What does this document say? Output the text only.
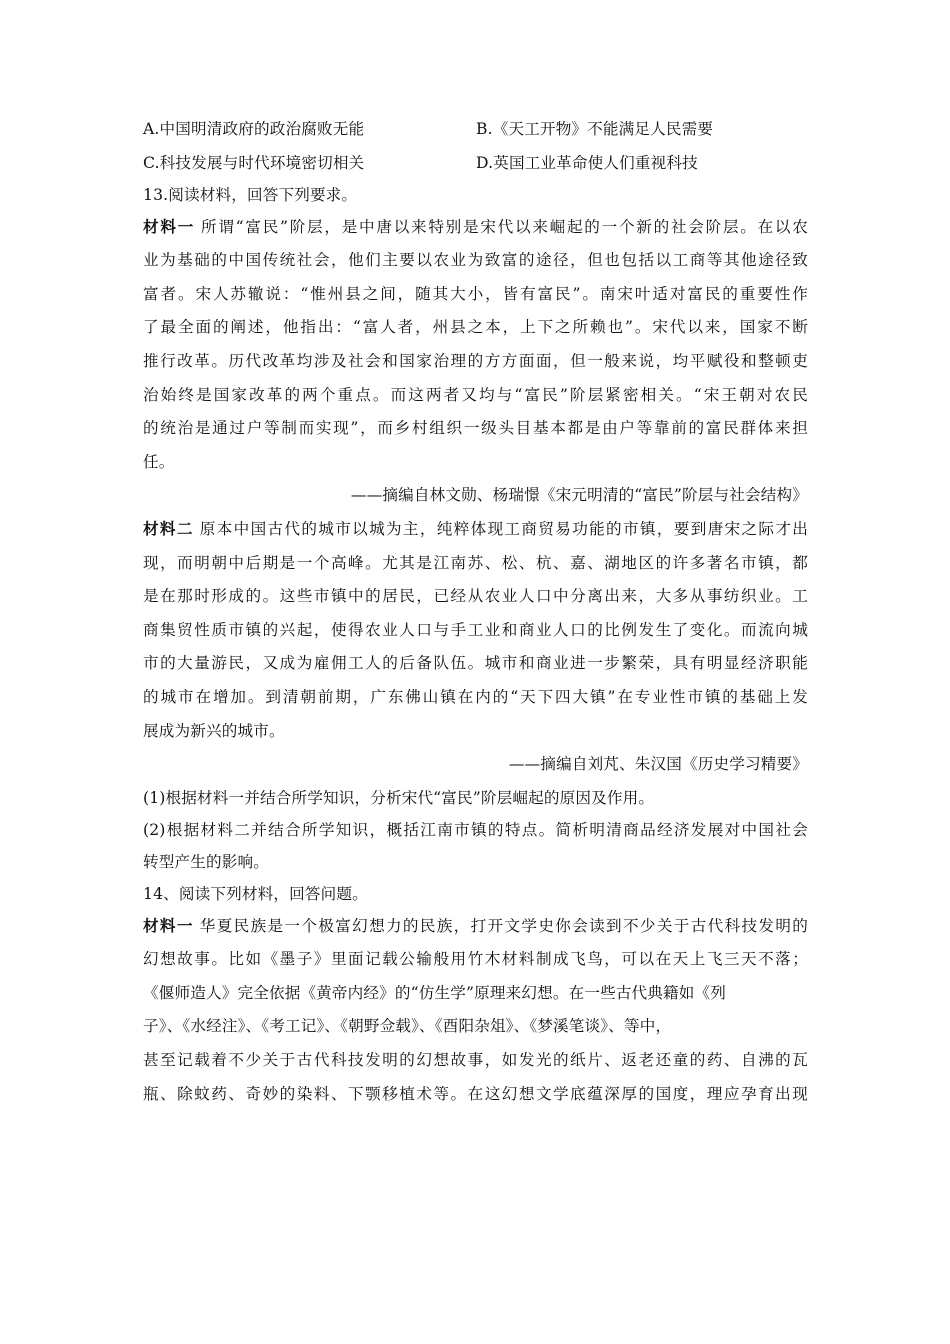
A.中国明清政府的政治腐败无能	B.《天工开物》不能满足人民需要
C.科技发展与时代环境密切相关	D.英国工业革命使人们重视科技
13.阅读材料，回答下列要求。
材料一 所谓“富民”阶层，是中唐以来特别是宋代以来崛起的一个新的社会阶层。在以农
业为基础的中国传统社会，他们主要以农业为致富的途径，但也包括以工商等其他途径致
富者。宋人苏辙说：“惟州县之间，随其大小，皆有富民”。南宋叶适对富民的重要性作
了最全面的阐述，他指出：“富人者，州县之本，上下之所赖也”。宋代以来，国家不断
推行改革。历代改革均涉及社会和国家治理的方方面面，但一般来说，均平赋役和整顿吏
治始终是国家改革的两个重点。而这两者又均与“富民”阶层紧密相关。“宋王朝对农民
的统治是通过户等制而实现”，而乡村组织一级头目基本都是由户等靠前的富民群体来担
任。
——摘编自林文勋、杨瑞憬《宋元明清的“富民”阶层与社会结构》
材料二 原本中国古代的城市以城为主，纯粹体现工商贸易功能的市镇，要到唐宋之际才出
现，而明朝中后期是一个高峰。尤其是江南苏、松、杭、嘉、湖地区的许多著名市镇，都
是在那时形成的。这些市镇中的居民，已经从农业人口中分离出来，大多从事纺织业。工
商集贸性质市镇的兴起，使得农业人口与手工业和商业人口的比例发生了变化。而流向城
市的大量游民，又成为雇佣工人的后备队伍。城市和商业进一步繁荣，具有明显经济职能
的城市在增加。到清朝前期，广东佛山镇在内的“天下四大镇”在专业性市镇的基础上发
展成为新兴的城市。
——摘编自刘芃、朱汉国《历史学习精要》
(1)根据材料一并结合所学知识，分析宋代“富民”阶层崛起的原因及作用。
(2)根据材料二并结合所学知识，概括江南市镇的特点。简析明清商品经济发展对中国社会
转型产生的影响。
14、阅读下列材料，回答问题。
材料一 华夏民族是一个极富幻想力的民族，打开文学史你会读到不少关于古代科技发明的
幻想故事。比如《墨子》里面记载公输般用竹木材料制成飞鸟，可以在天上飞三天不落；
《偃师造人》完全依据《黄帝内经》的“仿生学”原理来幻想。在一些古代典籍如《列
子》、《水经注》、《考工记》、《朝野佥载》、《酉阳杂俎》、《梦溪笔谈》、等中，
甚至记载着不少关于古代科技发明的幻想故事，如发光的纸片、返老还童的药、自沸的瓦
瓶、除蚊药、奇妙的染料、下颚移植术等。在这幻想文学底蕴深厚的国度，理应孕育出现
